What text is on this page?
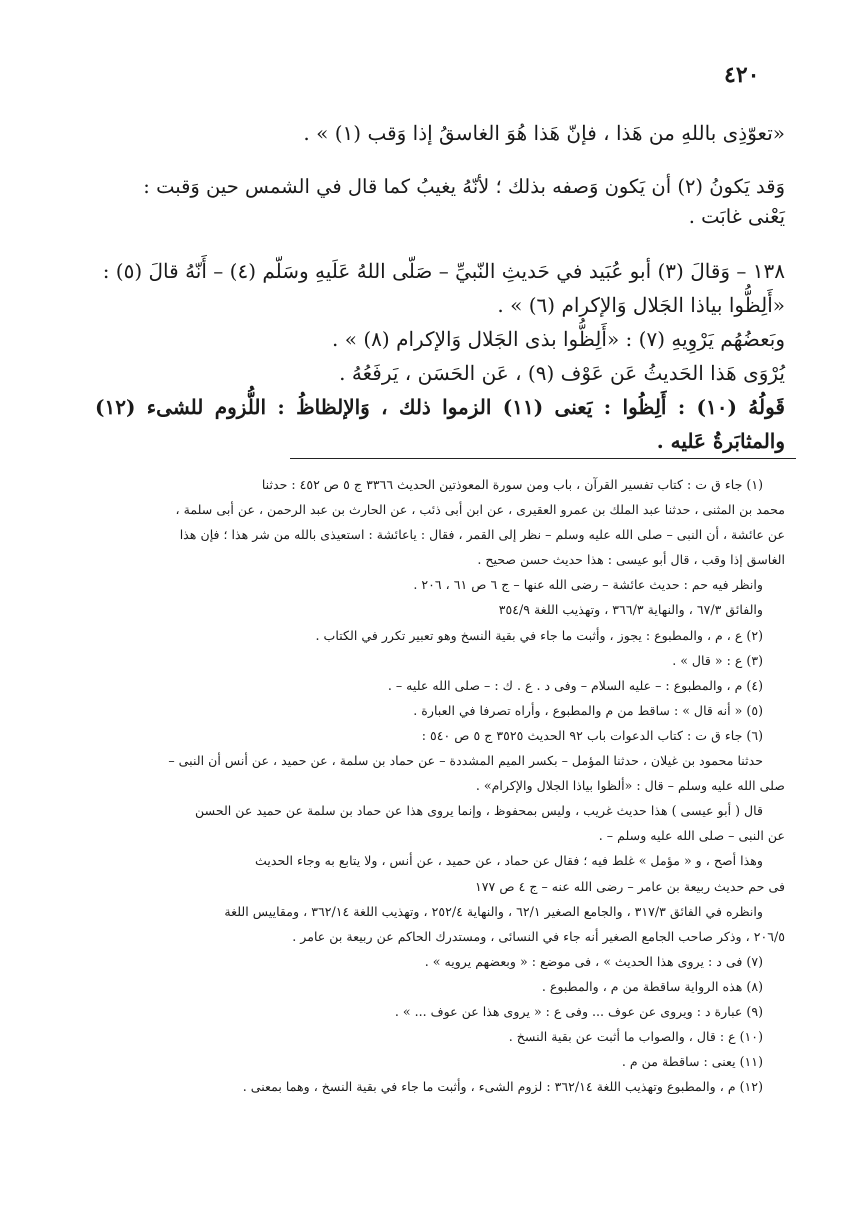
٤٢٠

«تعوّذِى باللهِ من هَذا ، فإنّ هَذا هُوَ الغاسقُ إذا وَقب (١) » .

وَقد يَكونُ (٢) أن يَكون وَصفه بذلك ؛ لأنّهُ يغيبُ كما قال في الشمس حين وَقبت :

يَعْنى غابَت .

١٣٨ – وَقالَ (٣) أبو عُبَيد في حَديثِ النّبيِّ – صَلّى اللهُ عَلَيهِ وسَلّم (٤) – أَنّهُ قالَ (٥) :

«أَلِظُّوا بياذا الجَلال وَالإكرام (٦) » .

وبَعضُهُم يَرْوِيهِ (٧) : «أَلِظُّوا بذى الجَلال وَالإكرام (٨) » .

يُرْوَى هَذا الحَديثُ عَن عَوْف (٩) ، عَن الحَسَن ، يَرفَعُهُ .

قَولُهُ (١٠) : أَلِظُوا : يَعنى (١١) الزموا ذلك ، وَالإلظاظُ : اللُّزوم للشىء (١٢) والمثابَرةُ عَليه .

(١) جاء ق ت : كتاب تفسير القرآن ، باب ومن سورة المعوذتين الحديث ٣٣٦٦ ج ٥ ص ٤٥٢ : حدثنا

محمد بن المثنى ، حدثنا عبد الملك بن عمرو العقيرى ، عن ابن أبى ذئب ، عن الحارث بن عبد الرحمن ، عن أبى سلمة ،

عن عائشة ، أن النبى – صلى الله عليه وسلم – نظر إلى القمر ، فقال : ياعائشة : استعيذى بالله من شر هذا ؛ فإن هذا

الغاسق إذا وقب ، قال أبو عيسى : هذا حديث حسن صحيح .

وانظر فيه حم : حديث عائشة – رضى الله عنها – ج ٦ ص ٦١ ، ٢٠٦ .

والفائق ٦٧/٣ ، والنهاية ٣٦٦/٣ ، وتهذيب اللغة ٣٥٤/٩

(٢) ع ، م ، والمطبوع : يجوز ، وأثبت ما جاء في بقية النسخ وهو تعبير تكرر في الكتاب .

(٣) ع : « قال » .

(٤) م ، والمطبوع : – عليه السلام – وفى د . ع . ك : – صلى الله عليه – .

(٥) « أنه قال » : ساقط من م والمطبوع ، وأراه تصرفا في العبارة .

(٦) جاء ق ت : كتاب الدعوات باب ٩٢ الحديث ٣٥٢٥ ج ٥ ص ٥٤٠ :

حدثنا محمود بن غيلان ، حدثنا المؤمل – بكسر الميم المشددة – عن حماد بن سلمة ، عن حميد ، عن أنس أن النبى –

صلى الله عليه وسلم – قال : «ألظوا بياذا الجلال والإكرام» .

قال ( أبو عيسى ) هذا حديث غريب ، وليس بمحفوظ ، وإنما يروى هذا عن حماد بن سلمة عن حميد عن الحسن

عن النبى – صلى الله عليه وسلم – .

وهذا أصح ، و « مؤمل » غلط فيه ؛ فقال عن حماد ، عن حميد ، عن أنس ، ولا يتابع به وجاء الحديث

فى حم حديث ربيعة بن عامر – رضى الله عنه – ج ٤ ص ١٧٧

وانظره في الفائق ٣١٧/٣ ، والجامع الصغير ٦٢/١ ، والنهاية ٢٥٢/٤ ، وتهذيب اللغة ٣٦٢/١٤ ، ومقاييس اللغة

٢٠٦/٥ ، وذكر صاحب الجامع الصغير أنه جاء في النسائى ، ومستدرك الحاكم عن ربيعة بن عامر .

(٧) فى د : يروى هذا الحديث » ، فى موضع : « وبعضهم يرويه » .

(٨) هذه الرواية ساقطة من م ، والمطبوع .

(٩) عبارة د : ويروى عن عوف ... وفى ع : « يروى هذا عن عوف ... » .

(١٠) ع : قال ، والصواب ما أثبت عن بقية النسخ .

(١١) يعنى : ساقطة من م .

(١٢) م ، والمطبوع وتهذيب اللغة ٣٦٢/١٤ : لزوم الشىء ، وأثبت ما جاء في بقية النسخ ، وهما بمعنى .
